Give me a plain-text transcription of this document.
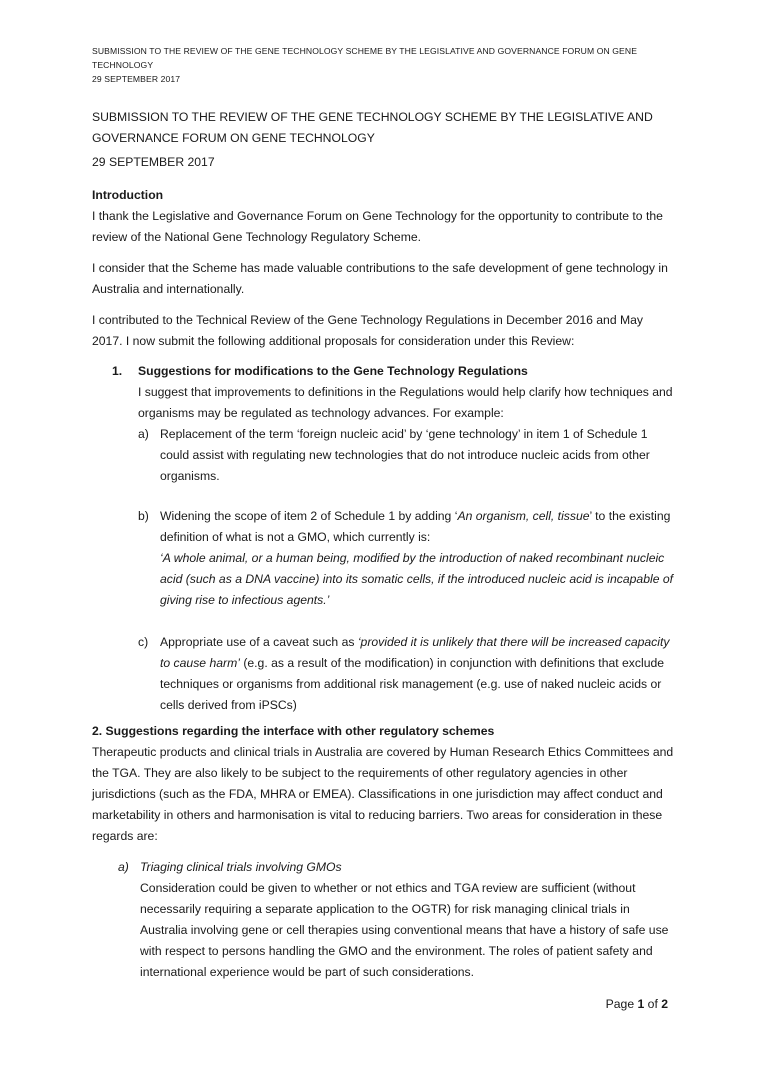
SUBMISSION TO THE REVIEW OF THE GENE TECHNOLOGY SCHEME BY THE LEGISLATIVE AND GOVERNANCE FORUM ON GENE
TECHNOLOGY
29 SEPTEMBER 2017
SUBMISSION TO THE REVIEW OF THE GENE TECHNOLOGY SCHEME BY THE LEGISLATIVE AND
GOVERNANCE FORUM ON GENE TECHNOLOGY
29 SEPTEMBER 2017

Introduction

I thank the Legislative and Governance Forum on Gene Technology for the opportunity to contribute to the review of the National Gene Technology Regulatory Scheme.

I consider that the Scheme has made valuable contributions to the safe development of gene technology in Australia and internationally.

I contributed to the Technical Review of the Gene Technology Regulations in December 2016 and May 2017. I now submit the following additional proposals for consideration under this Review:

1.	Suggestions for modifications to the Gene Technology Regulations

I suggest that improvements to definitions in the Regulations would help clarify how techniques and organisms may be regulated as technology advances. For example:

a) Replacement of the term ‘foreign nucleic acid’ by ‘gene technology’ in item 1 of Schedule 1 could assist with regulating new technologies that do not introduce nucleic acids from other organisms.
b) Widening the scope of item 2 of Schedule 1 by adding ‘An organism, cell, tissue’ to the existing definition of what is not a GMO, which currently is:
‘A whole animal, or a human being, modified by the introduction of naked recombinant nucleic acid (such as a DNA vaccine) into its somatic cells, if the introduced nucleic acid is incapable of giving rise to infectious agents.’
c) Appropriate use of a caveat such as ‘provided it is unlikely that there will be increased capacity to cause harm’ (e.g. as a result of the modification) in conjunction with definitions that exclude techniques or organisms from additional risk management (e.g. use of naked nucleic acids or cells derived from iPSCs)

2. Suggestions regarding the interface with other regulatory schemes

Therapeutic products and clinical trials in Australia are covered by Human Research Ethics Committees and the TGA. They are also likely to be subject to the requirements of other regulatory agencies in other jurisdictions (such as the FDA, MHRA or EMEA). Classifications in one jurisdiction may affect conduct and marketability in others and harmonisation is vital to reducing barriers. Two areas for consideration in these regards are:

a) Triaging clinical trials involving GMOs
Consideration could be given to whether or not ethics and TGA review are sufficient (without necessarily requiring a separate application to the OGTR) for risk managing clinical trials in Australia involving gene or cell therapies using conventional means that have a history of safe use with respect to persons handling the GMO and the environment. The roles of patient safety and international experience would be part of such considerations.
Page 1 of 2
